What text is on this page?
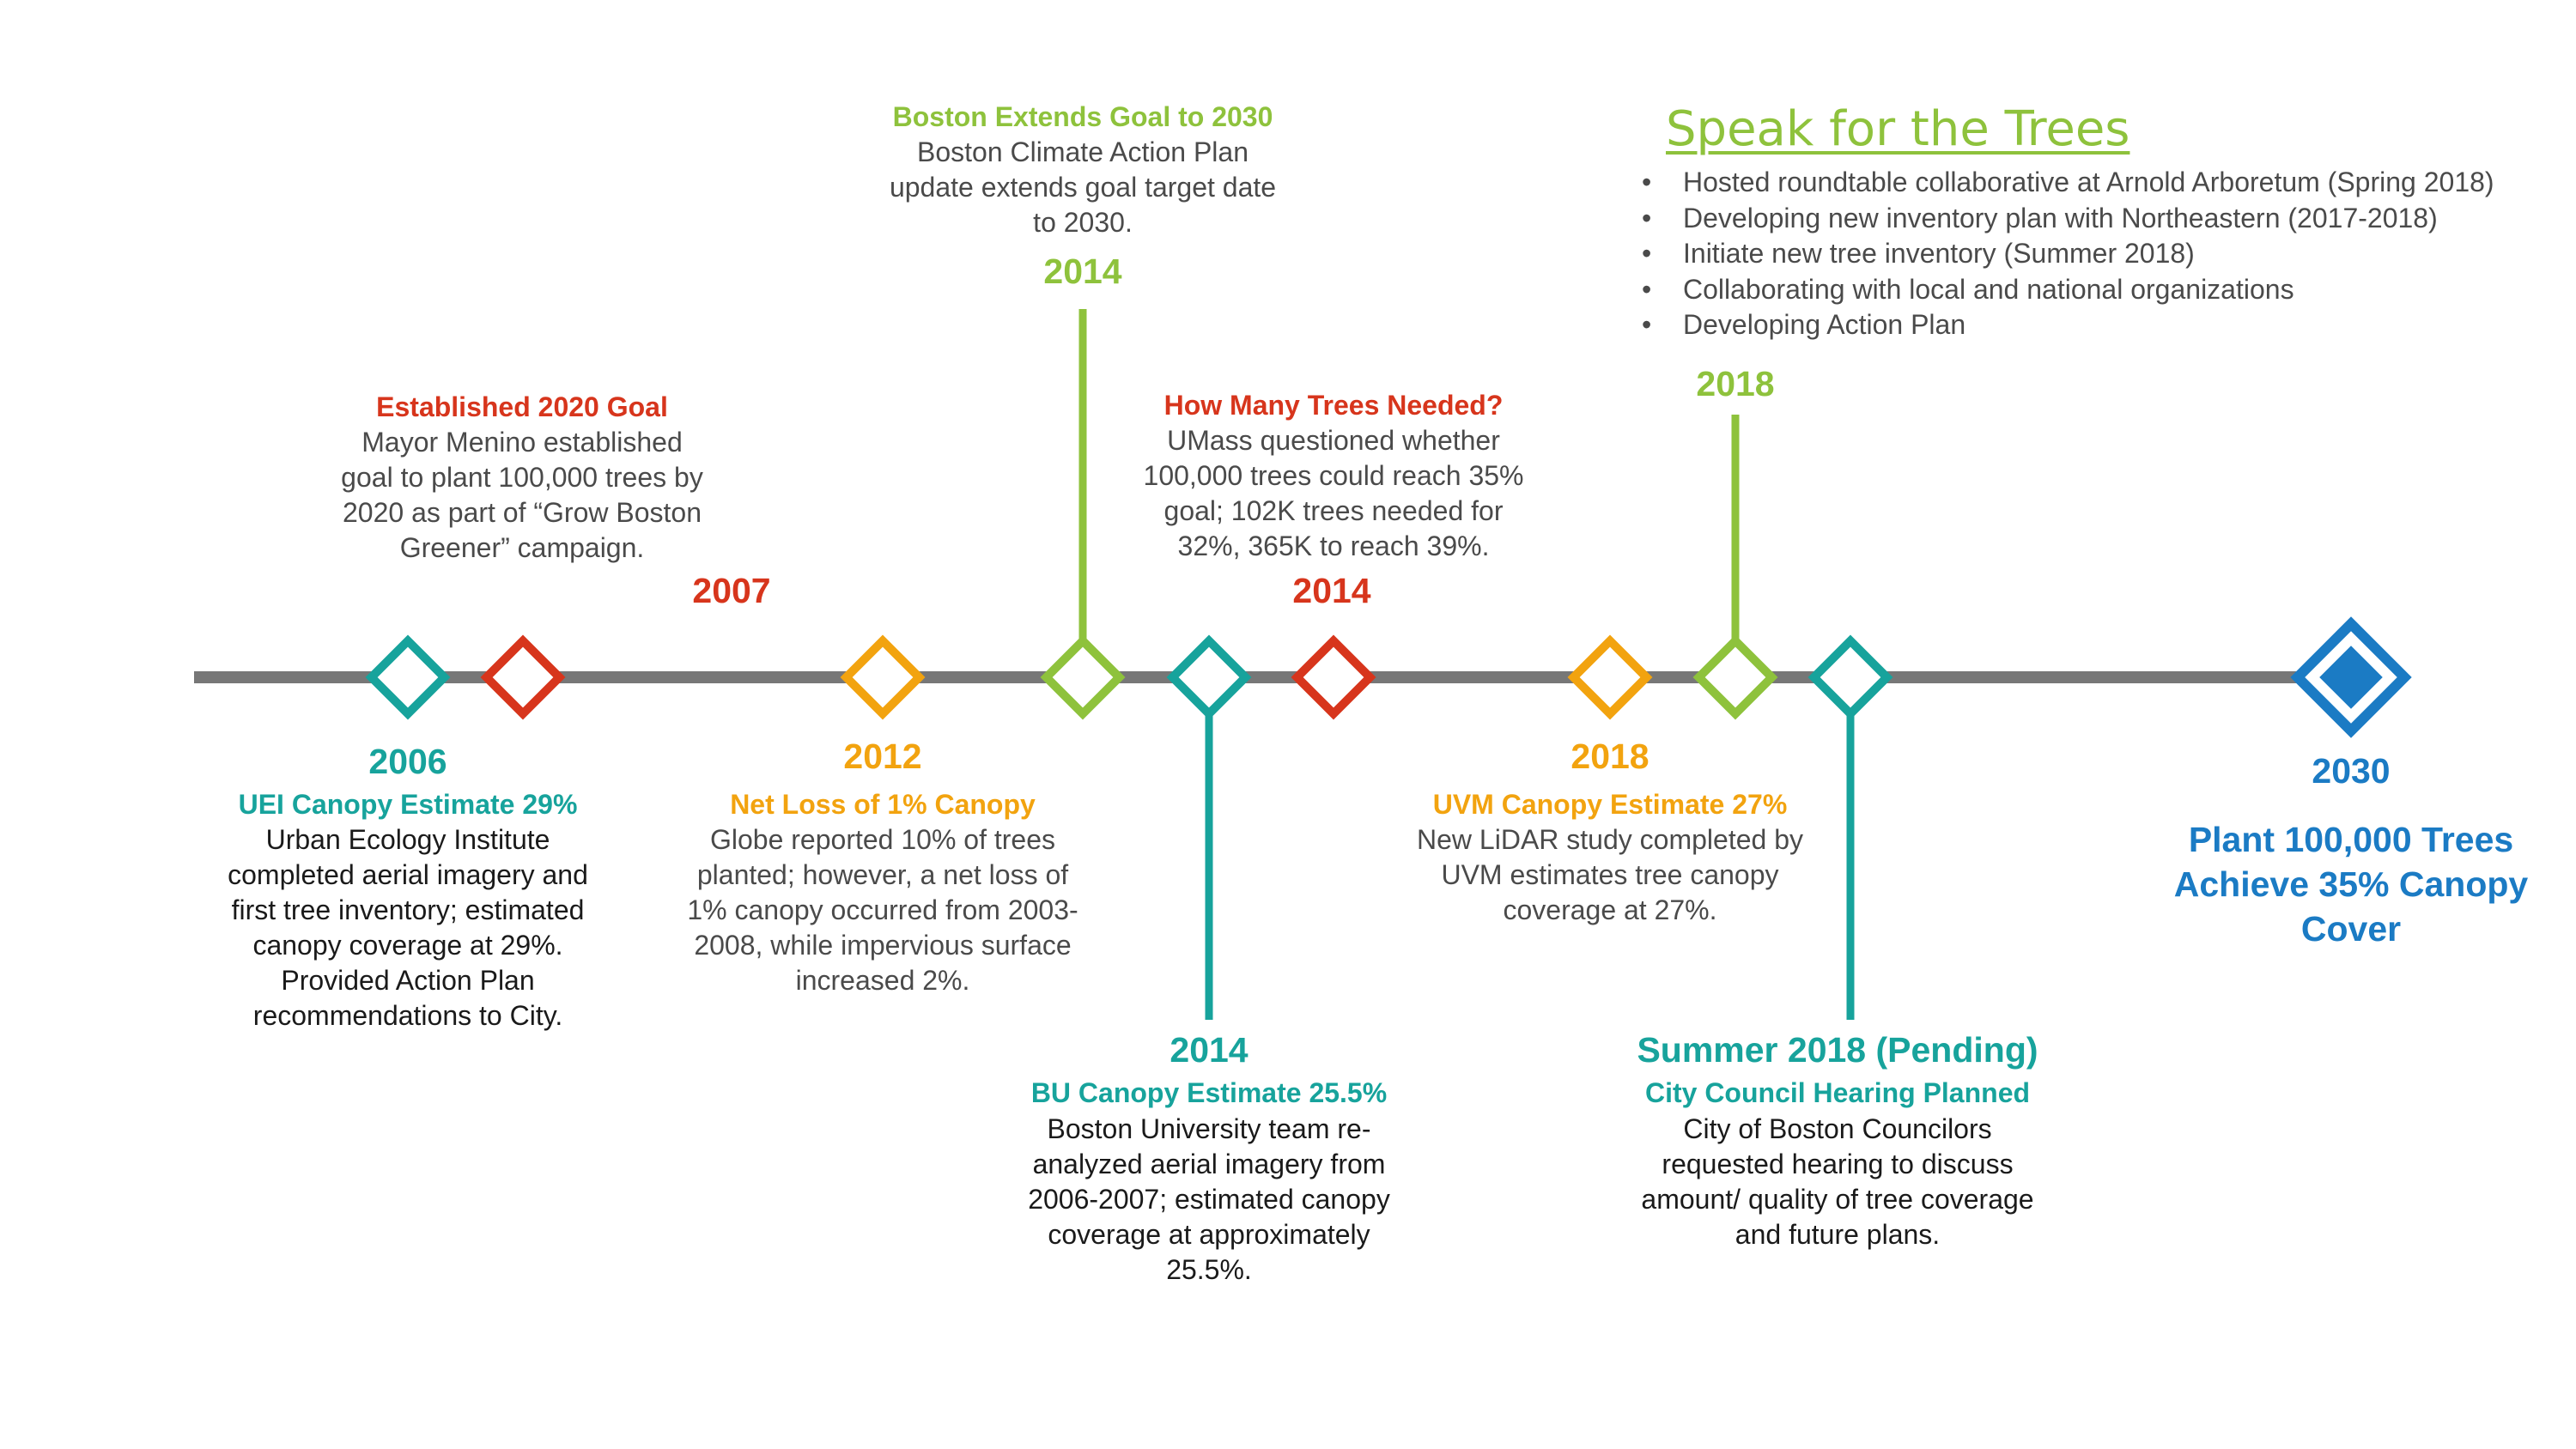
2006

UEI Canopy Estimate 29%

Urban Ecology Institute
completed aerial imagery and
first tree inventory; estimated
canopy coverage at 29%.
Provided Action Plan
recommendations to City.

Established 2020 Goal

Mayor Menino established
goal to plant 100,000 trees by
2020 as part of “Grow Boston
Greener” campaign.

2007

2012

Net Loss of 1% Canopy

Globe reported 10% of trees
planted; however, a net loss of
1% canopy occurred from 2003-
2008, while impervious surface
increased 2%.

Boston Extends Goal to 2030

Boston Climate Action Plan
update extends goal target date
to 2030.

2014

2014

BU Canopy Estimate 25.5%

Boston University team re-
analyzed aerial imagery from
2006-2007; estimated canopy
coverage at approximately
25.5%.

How Many Trees Needed?

UMass questioned whether
100,000 trees could reach 35%
goal; 102K trees needed for
32%, 365K to reach 39%.

2014

2018

UVM Canopy Estimate 27%

New LiDAR study completed by
UVM estimates tree canopy
coverage at 27%.

Speak for the Trees

• Hosted roundtable collaborative at Arnold Arboretum (Spring 2018)
• Developing new inventory plan with Northeastern (2017-2018)
• Initiate new tree inventory (Summer 2018)
• Collaborating with local and national organizations
• Developing Action Plan

2018

Summer 2018 (Pending)

City Council Hearing Planned

City of Boston Councilors
requested hearing to discuss
amount/ quality of tree coverage
and future plans.

2030

Plant 100,000 Trees
Achieve 35% Canopy
Cover
